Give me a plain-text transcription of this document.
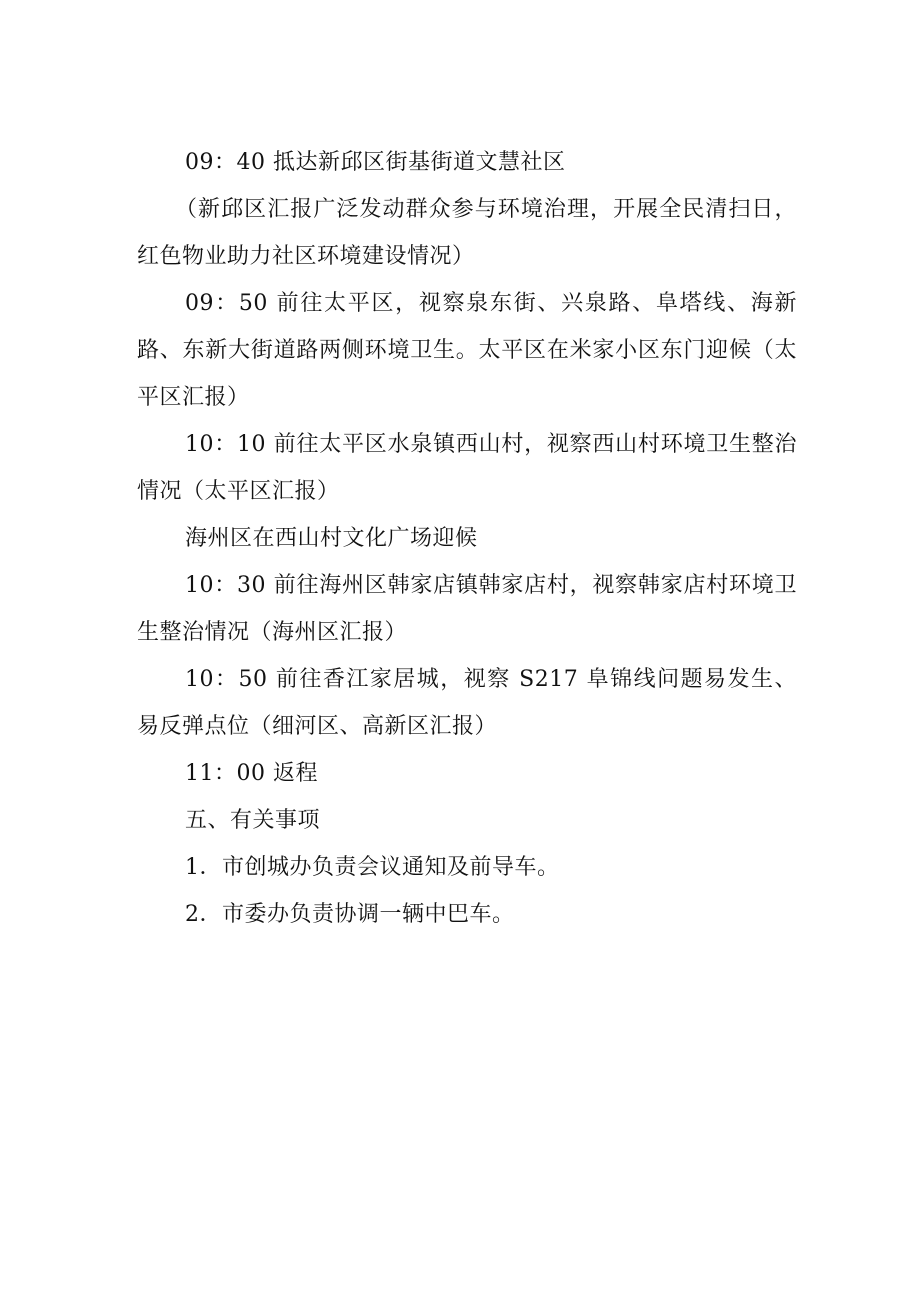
09：40 抵达新邱区街基街道文慧社区

（新邱区汇报广泛发动群众参与环境治理，开展全民清扫日，红色物业助力社区环境建设情况）

09：50 前往太平区，视察泉东街、兴泉路、阜塔线、海新路、东新大街道路两侧环境卫生。太平区在米家小区东门迎候（太平区汇报）

10：10 前往太平区水泉镇西山村，视察西山村环境卫生整治情况（太平区汇报）

海州区在西山村文化广场迎候

10：30 前往海州区韩家店镇韩家店村，视察韩家店村环境卫生整治情况（海州区汇报）

10：50 前往香江家居城，视察 S217 阜锦线问题易发生、易反弹点位（细河区、高新区汇报）

11：00 返程

五、有关事项

1．市创城办负责会议通知及前导车。

2．市委办负责协调一辆中巴车。
